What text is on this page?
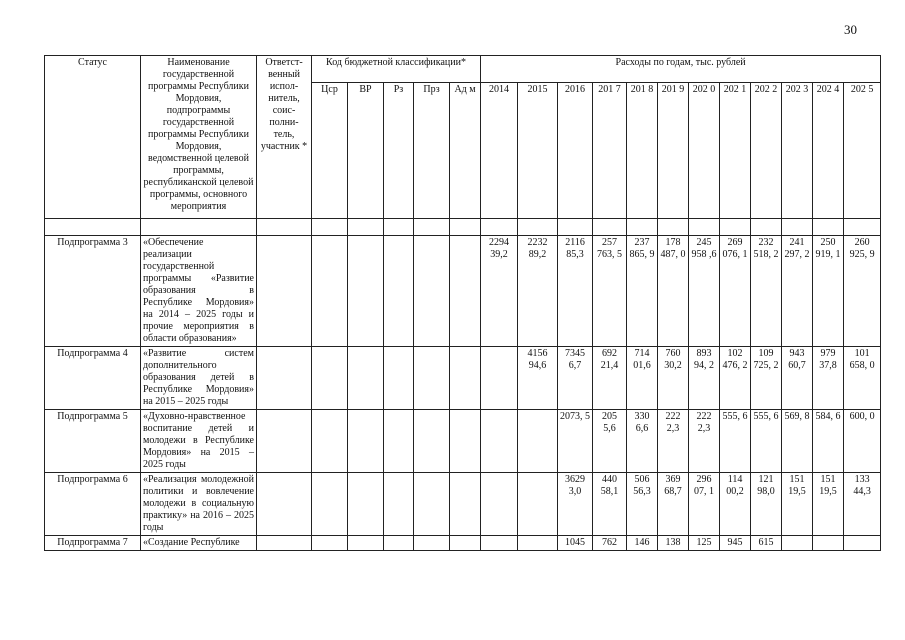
30
Статус	Наименование государственной программы Республики Мордовия, подпрограммы государственной программы Республики Мордовия, ведомственной целевой программы, республиканской целевой программы, основного мероприятия	Ответст-венный испол-нитель, соис-полни-тель, участник *	Код бюджетной классификации*					Расходы по годам, тыс. рублей											
			Цср	ВР	Рз	Прз	Ад м	2014	2015	2016	201 7	201 8	201 9	202 0	202 1	202 2	202 3	202 4	202 5

Подпрограмма 3	«Обеспечение реализации государственной программы «Развитие образования в Республике Мордовия» на 2014 – 2025 годы и прочие мероприятия в области образования»							2294 39,2	2232 89,2	2116 85,3	257 763, 5	237 865, 9	178 487, 0	245 958 ,6	269 076, 1	232 518, 2	241 297, 2	250 919, 1	260 925, 9
Подпрограмма 4	«Развитие систем дополнительного образования детей в Республике Мордовия» на 2015 – 2025 годы								4156 94,6	7345 6,7	692 21,4	714 01,6	760 30,2	893 94, 2	102 476, 2	109 725, 2	943 60,7	979 37,8	101 658, 0
Подпрограмма 5	«Духовно-нравственное воспитание детей и молодежи в Республике Мордовия» на 2015 – 2025 годы									2073, 5	205 5,6	330 6,6	222 2,3	222 2,3	555, 6	555, 6	569, 8	584, 6	600, 0
Подпрограмма 6	«Реализация молодежной политики и вовлечение молодежи в социальную практику» на 2016 – 2025 годы									3629 3,0	440 58,1	506 56,3	369 68,7	296 07, 1	114 00,2	121 98,0	151 19,5	151 19,5	133 44,3
Подпрограмма 7	«Создание Республике									1045	762	146	138	125	945	615			
